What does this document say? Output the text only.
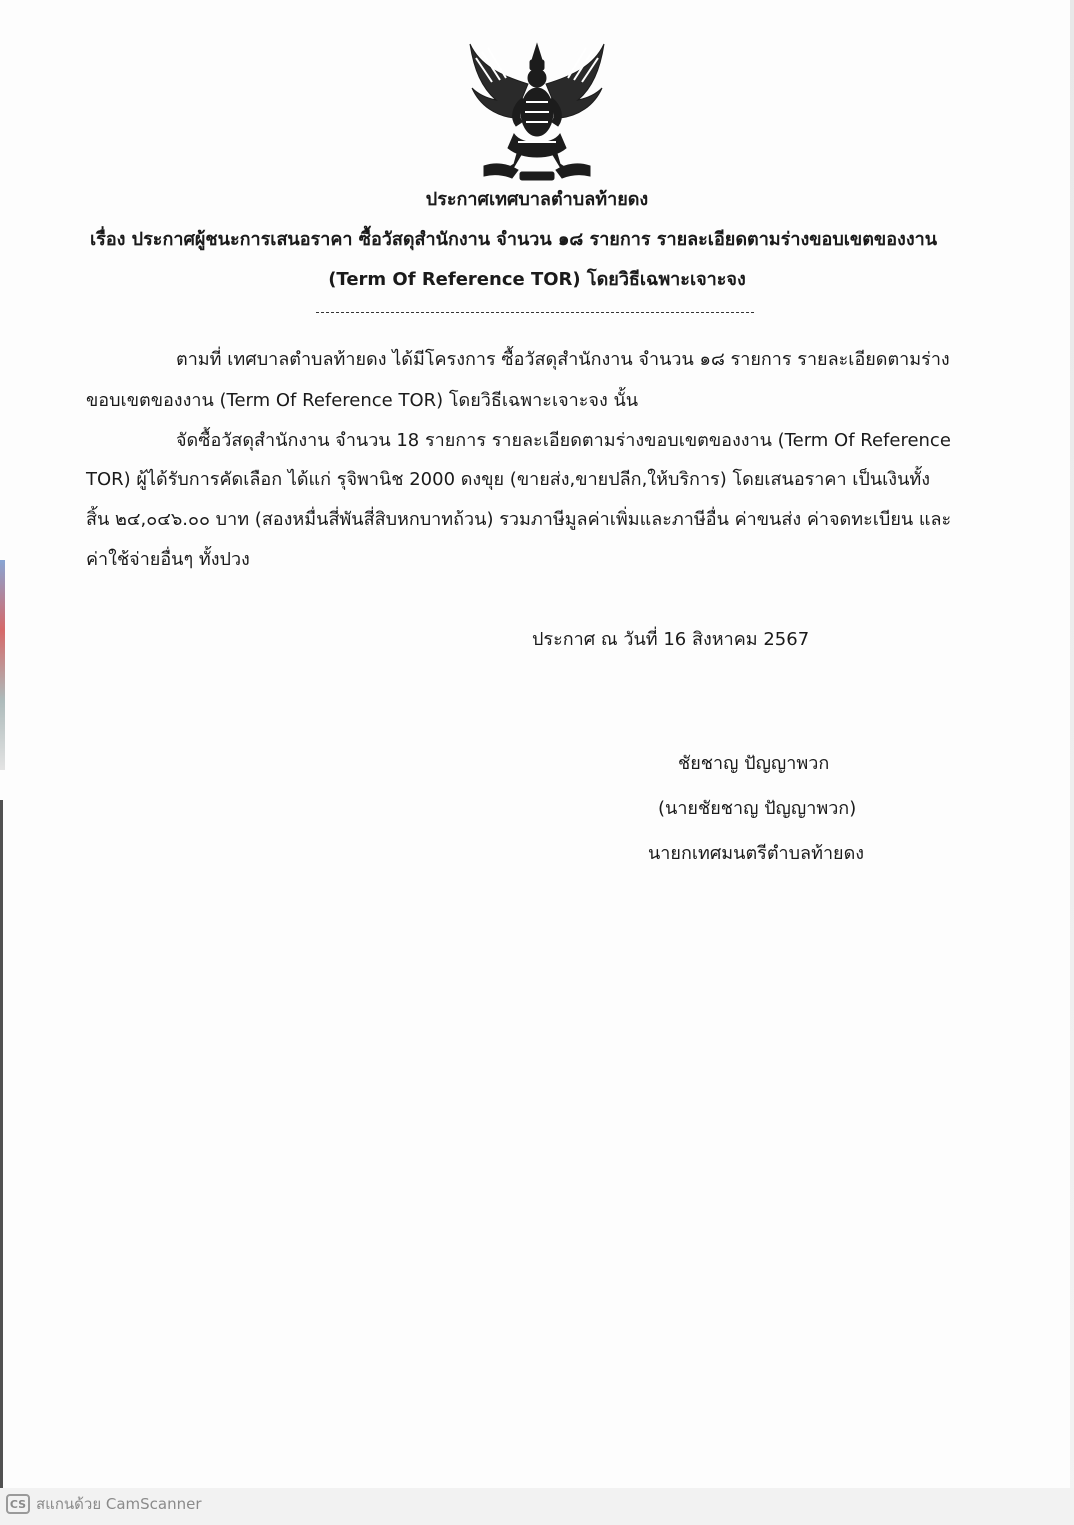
ประกาศเทศบาลตำบลท้ายดง
เรื่อง ประกาศผู้ชนะการเสนอราคา ซื้อวัสดุสำนักงาน จำนวน ๑๘ รายการ รายละเอียดตามร่างขอบเขตของงาน
(Term Of Reference TOR) โดยวิธีเฉพาะเจาะจง
ตามที่ เทศบาลตำบลท้ายดง ได้มีโครงการ ซื้อวัสดุสำนักงาน จำนวน ๑๘ รายการ รายละเอียดตามร่าง
ขอบเขตของงาน (Term Of Reference TOR) โดยวิธีเฉพาะเจาะจง นั้น
จัดซื้อวัสดุสำนักงาน จำนวน 18 รายการ รายละเอียดตามร่างขอบเขตของงาน (Term Of Reference
TOR) ผู้ได้รับการคัดเลือก ได้แก่ รุจิพานิช 2000 ดงขุย (ขายส่ง,ขายปลีก,ให้บริการ) โดยเสนอราคา เป็นเงินทั้ง
สิ้น ๒๔,๐๔๖.๐๐ บาท (สองหมื่นสี่พันสี่สิบหกบาทถ้วน) รวมภาษีมูลค่าเพิ่มและภาษีอื่น ค่าขนส่ง ค่าจดทะเบียน และ
ค่าใช้จ่ายอื่นๆ ทั้งปวง
ประกาศ ณ วันที่ 16 สิงหาคม 2567
ชัยชาญ ปัญญาพวก
(นายชัยชาญ ปัญญาพวก)
นายกเทศมนตรีตำบลท้ายดง
CS สแกนด้วย CamScanner
